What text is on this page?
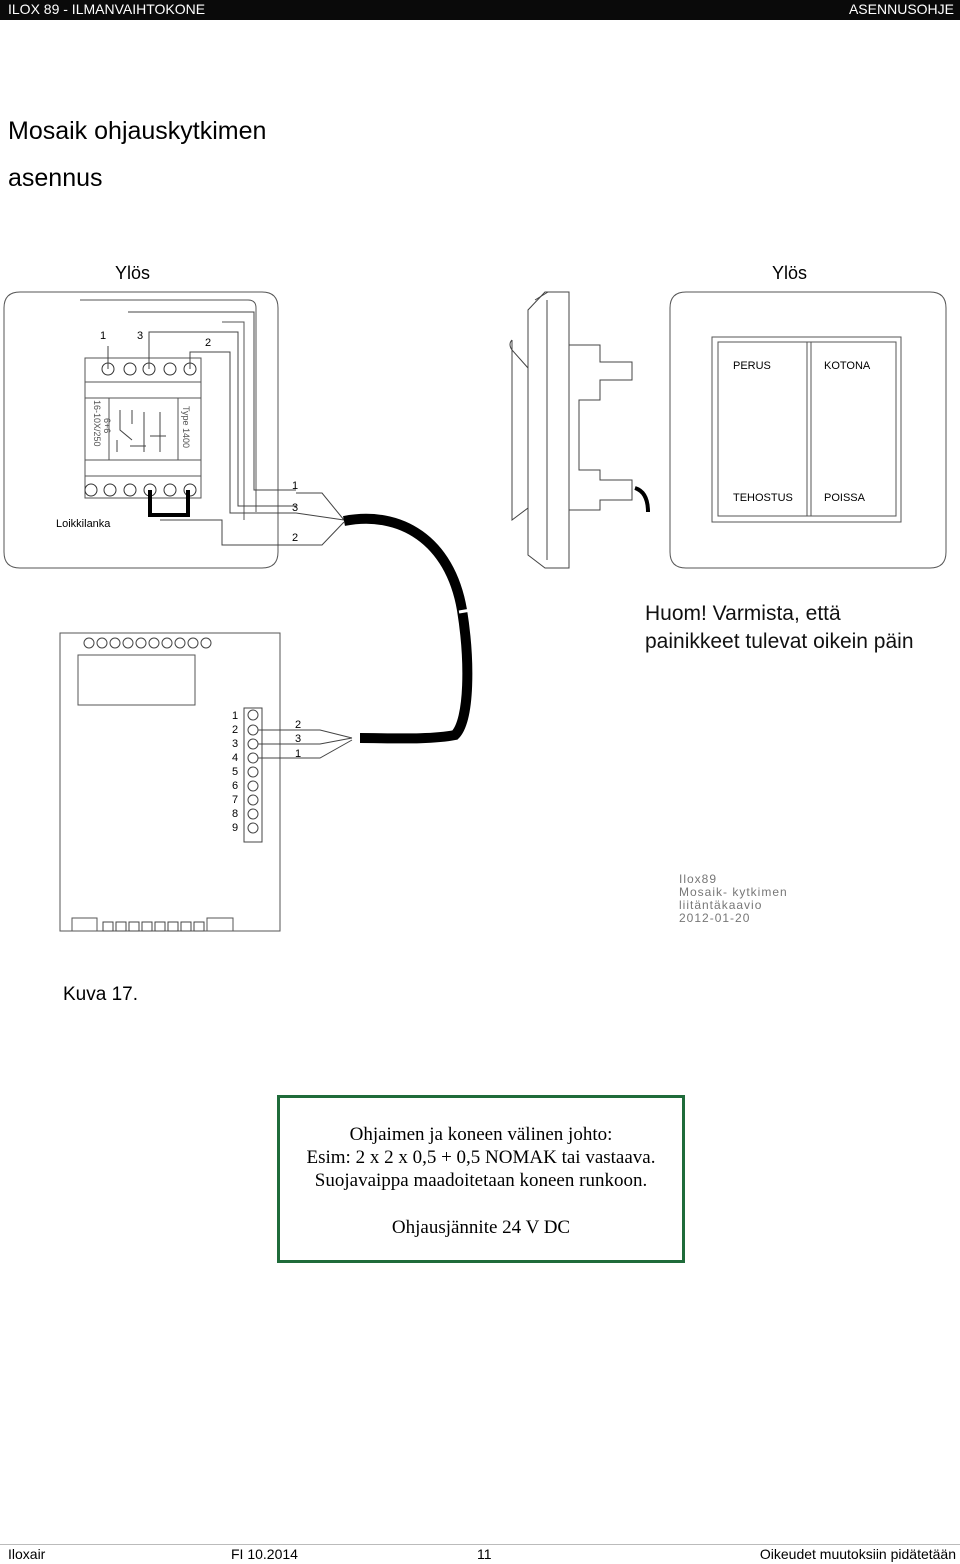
ILOX 89 - ILMANVAIHTOKONE	ASENNUSOHJE
Mosaik ohjauskytkimen
asennus
Ylös	Ylös
16-10X/250 6+6	Type 1400
PERUS	KOTONA
TEHOSTUS	POISSA
1	3
2
Loikkilanka
1
3
2
1
2
3
4
5
6
7
8
9
2
3
1
Ilox89
Mosaik- kytkimen
liitäntäkaavio
2012-01-20
Huom! Varmista, että
painikkeet tulevat oikein päin
Kuva 17.
Ohjaimen ja koneen välinen johto:
Esim: 2 x 2 x 0,5 + 0,5 NOMAK tai vastaava.
Suojavaippa maadoitetaan koneen runkoon.
Ohjausjännite 24 V DC
Iloxair	FI 10.2014	11	Oikeudet muutoksiin pidätetään
